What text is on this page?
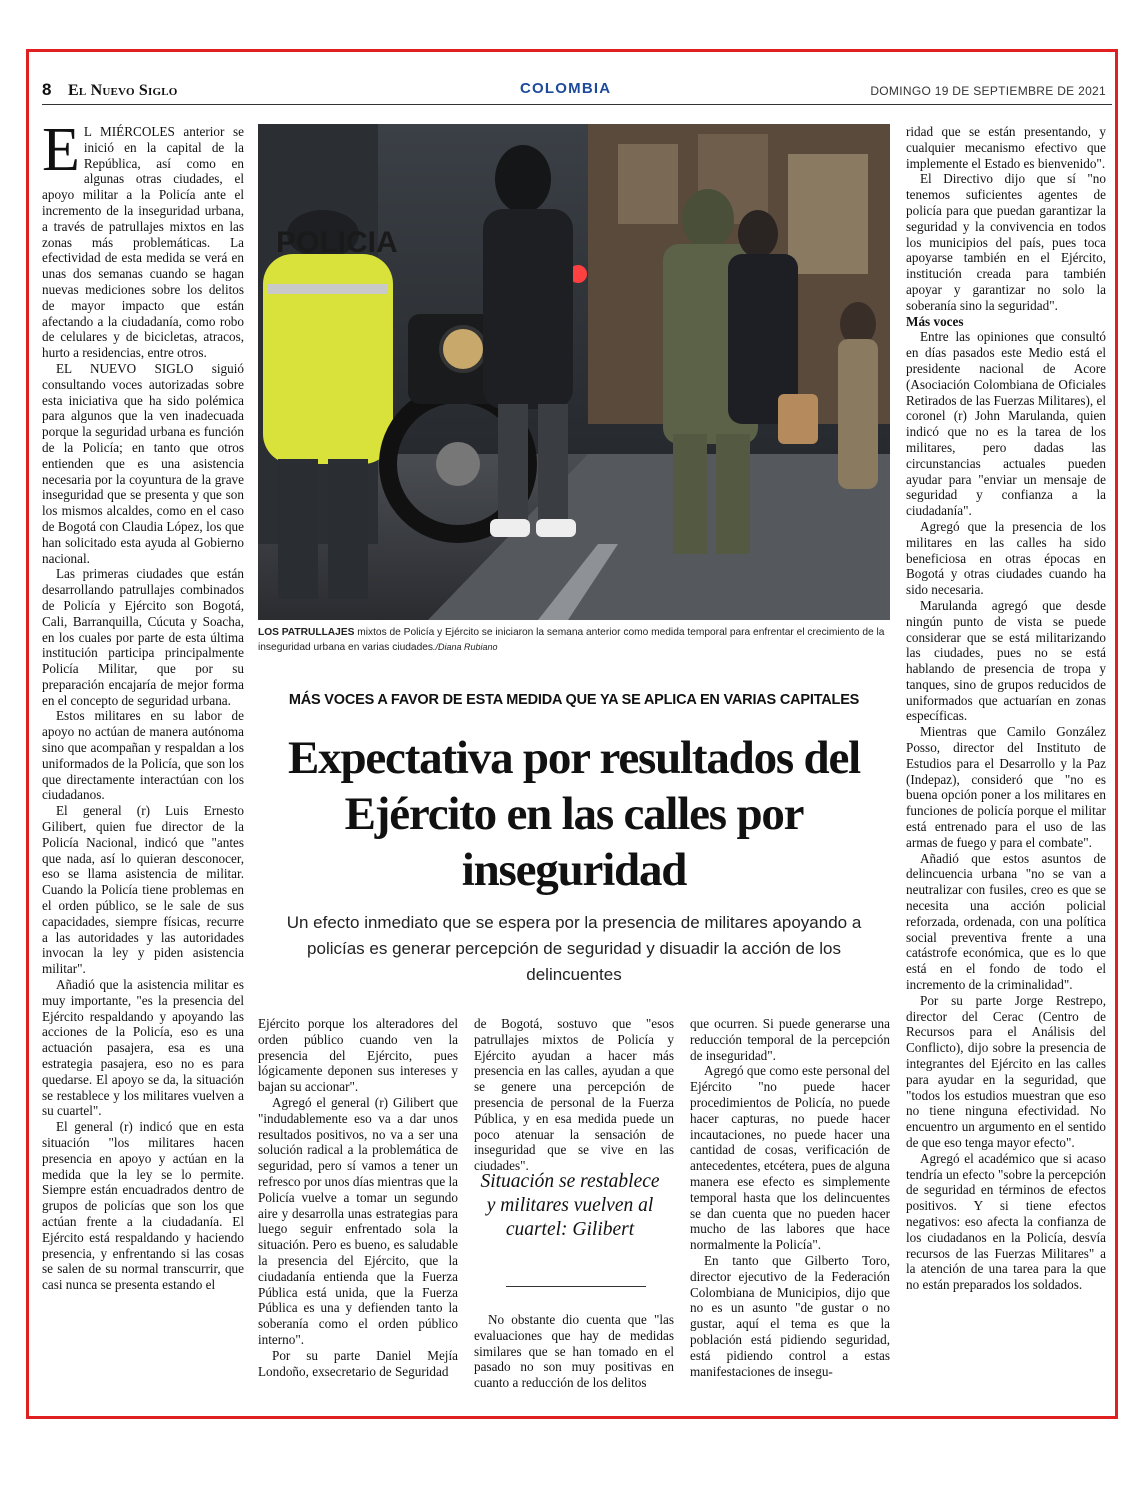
8 El Nuevo Siglo	COLOMBIA	DOMINGO 19 DE SEPTIEMBRE DE 2021

E L MIÉRCOLES anterior se inició en la capital de la República, así como en algunas otras ciudades, el apoyo militar a la Policía ante el incremento de la inseguridad urbana, a través de patrullajes mixtos en las zonas más problemáticas. La efectividad de esta medida se verá en unas dos semanas cuando se hagan nuevas mediciones sobre los delitos de mayor impacto que están afectando a la ciudadanía, como robo de celulares y de bicicletas, atracos, hurto a residencias, entre otros.

EL NUEVO SIGLO siguió consultando voces autorizadas sobre esta iniciativa que ha sido polémica para algunos que la ven inadecuada porque la seguridad urbana es función de la Policía; en tanto que otros entienden que es una asistencia necesaria por la coyuntura de la grave inseguridad que se presenta y que son los mismos alcaldes, como en el caso de Bogotá con Claudia López, los que han solicitado esta ayuda al Gobierno nacional.

Las primeras ciudades que están desarrollando patrullajes combinados de Policía y Ejército son Bogotá, Cali, Barranquilla, Cúcuta y Soacha, en los cuales por parte de esta última institución participa principalmente Policía Militar, que por su preparación encajaría de mejor forma en el concepto de seguridad urbana.

Estos militares en su labor de apoyo no actúan de manera autónoma sino que acompañan y respaldan a los uniformados de la Policía, que son los que directamente interactúan con los ciudadanos.

El general (r) Luis Ernesto Gilibert, quien fue director de la Policía Nacional, indicó que "antes que nada, así lo quieran desconocer, eso se llama asistencia de militar. Cuando la Policía tiene problemas en el orden público, se le sale de sus capacidades, siempre físicas, recurre a las autoridades y las autoridades invocan la ley y piden asistencia militar".

Añadió que la asistencia militar es muy importante, "es la presencia del Ejército respaldando y apoyando las acciones de la Policía, eso es una actuación pasajera, esa es una estrategia pasajera, eso no es para quedarse. El apoyo se da, la situación se restablece y los militares vuelven a su cuartel".

El general (r) indicó que en esta situación "los militares hacen presencia en apoyo y actúan en la medida que la ley se lo permite. Siempre están encuadrados dentro de grupos de policías que son los que actúan frente a la ciudadanía. El Ejército está respaldando y haciendo presencia, y enfrentando si las cosas se salen de su normal transcurrir, que casi nunca se presenta estando el

POLICIA
LOS PATRULLAJES mixtos de Policía y Ejército se iniciaron la semana anterior como medida temporal para enfrentar el crecimiento de la inseguridad urbana en varias ciudades./Diana Rubiano
MÁS VOCES A FAVOR DE ESTA MEDIDA QUE YA SE APLICA EN VARIAS CAPITALES
Expectativa por resultados del Ejército en las calles por inseguridad
Un efecto inmediato que se espera por la presencia de militares apoyando a policías es generar percepción de seguridad y disuadir la acción de los delincuentes

Ejército porque los alteradores del orden público cuando ven la presencia del Ejército, pues lógicamente deponen sus intereses y bajan su accionar".

Agregó el general (r) Gilibert que "indudablemente eso va a dar unos resultados positivos, no va a ser una solución radical a la problemática de seguridad, pero sí vamos a tener un refresco por unos días mientras que la Policía vuelve a tomar un segundo aire y desarrolla unas estrategias para luego seguir enfrentado sola la situación. Pero es bueno, es saludable la presencia del Ejército, que la ciudadanía entienda que la Fuerza Pública está unida, que la Fuerza Pública es una y defienden tanto la soberanía como el orden público interno".

Por su parte Daniel Mejía Londoño, exsecretario de Seguridad

de Bogotá, sostuvo que "esos patrullajes mixtos de Policía y Ejército ayudan a hacer más presencia en las calles, ayudan a que se genere una percepción de presencia de personal de la Fuerza Pública, y en esa medida puede un poco atenuar la sensación de inseguridad que se vive en las ciudades".

Situación se restablece y militares vuelven al cuartel: Gilibert

No obstante dio cuenta que "las evaluaciones que hay de medidas similares que se han tomado en el pasado no son muy positivas en cuanto a reducción de los delitos

que ocurren. Si puede generarse una reducción temporal de la percepción de inseguridad".

Agregó que como este personal del Ejército "no puede hacer procedimientos de Policía, no puede hacer capturas, no puede hacer incautaciones, no puede hacer una cantidad de cosas, verificación de antecedentes, etcétera, pues de alguna manera ese efecto es simplemente temporal hasta que los delincuentes se dan cuenta que no pueden hacer mucho de las labores que hace normalmente la Policía".

En tanto que Gilberto Toro, director ejecutivo de la Federación Colombiana de Municipios, dijo que no es un asunto "de gustar o no gustar, aquí el tema es que la población está pidiendo seguridad, está pidiendo control a estas manifestaciones de insegu-

ridad que se están presentando, y cualquier mecanismo efectivo que implemente el Estado es bienvenido".

El Directivo dijo que sí "no tenemos suficientes agentes de policía para que puedan garantizar la seguridad y la convivencia en todos los municipios del país, pues toca apoyarse también en el Ejército, institución creada para también apoyar y garantizar no solo la soberanía sino la seguridad".

Más voces

Entre las opiniones que consultó en días pasados este Medio está el presidente nacional de Acore (Asociación Colombiana de Oficiales Retirados de las Fuerzas Militares), el coronel (r) John Marulanda, quien indicó que no es la tarea de los militares, pero dadas las circunstancias actuales pueden ayudar para "enviar un mensaje de seguridad y confianza a la ciudadanía".

Agregó que la presencia de los militares en las calles ha sido beneficiosa en otras épocas en Bogotá y otras ciudades cuando ha sido necesaria.

Marulanda agregó que desde ningún punto de vista se puede considerar que se está militarizando las ciudades, pues no se está hablando de presencia de tropa y tanques, sino de grupos reducidos de uniformados que actuarían en zonas específicas.

Mientras que Camilo González Posso, director del Instituto de Estudios para el Desarrollo y la Paz (Indepaz), consideró que "no es buena opción poner a los militares en funciones de policía porque el militar está entrenado para el uso de las armas de fuego y para el combate".

Añadió que estos asuntos de delincuencia urbana "no se van a neutralizar con fusiles, creo es que se necesita una acción policial reforzada, ordenada, con una política social preventiva frente a una catástrofe económica, que es lo que está en el fondo de todo el incremento de la criminalidad".

Por su parte Jorge Restrepo, director del Cerac (Centro de Recursos para el Análisis del Conflicto), dijo sobre la presencia de integrantes del Ejército en las calles para ayudar en la seguridad, que "todos los estudios muestran que eso no tiene ninguna efectividad. No encuentro un argumento en el sentido de que eso tenga mayor efecto".

Agregó el académico que si acaso tendría un efecto "sobre la percepción de seguridad en términos de efectos positivos. Y si tiene efectos negativos: eso afecta la confianza de los ciudadanos en la Policía, desvía recursos de las Fuerzas Militares" a la atención de una tarea para la que no están preparados los soldados.
